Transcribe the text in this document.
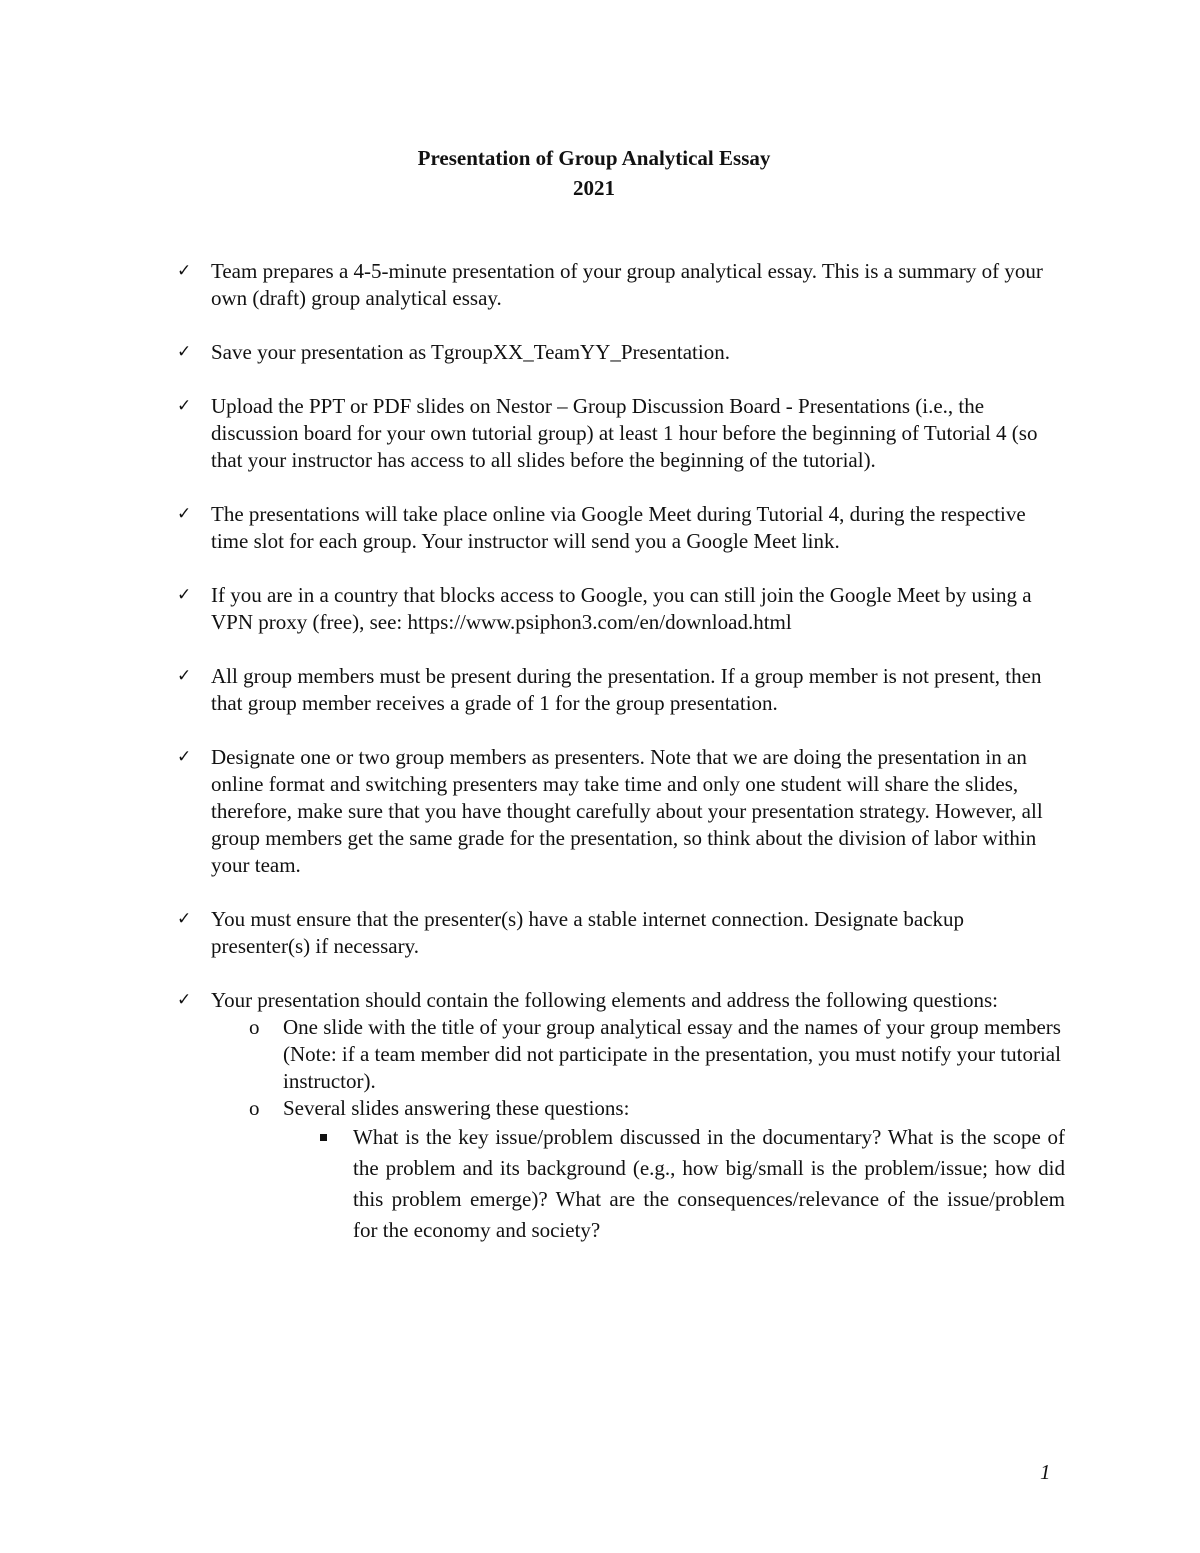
Presentation of Group Analytical Essay
2021
✓ Team prepares a 4-5-minute presentation of your group analytical essay. This is a summary of your own (draft) group analytical essay.
✓ Save your presentation as TgroupXX_TeamYY_Presentation.
✓ Upload the PPT or PDF slides on Nestor – Group Discussion Board - Presentations (i.e., the discussion board for your own tutorial group) at least 1 hour before the beginning of Tutorial 4 (so that your instructor has access to all slides before the beginning of the tutorial).
✓ The presentations will take place online via Google Meet during Tutorial 4, during the respective time slot for each group. Your instructor will send you a Google Meet link.
✓ If you are in a country that blocks access to Google, you can still join the Google Meet by using a VPN proxy (free), see: https://www.psiphon3.com/en/download.html
✓ All group members must be present during the presentation. If a group member is not present, then that group member receives a grade of 1 for the group presentation.
✓ Designate one or two group members as presenters. Note that we are doing the presentation in an online format and switching presenters may take time and only one student will share the slides, therefore, make sure that you have thought carefully about your presentation strategy. However, all group members get the same grade for the presentation, so think about the division of labor within your team.
✓ You must ensure that the presenter(s) have a stable internet connection. Designate backup presenter(s) if necessary.
✓ Your presentation should contain the following elements and address the following questions:
o One slide with the title of your group analytical essay and the names of your group members (Note: if a team member did not participate in the presentation, you must notify your tutorial instructor).
o Several slides answering these questions:
What is the key issue/problem discussed in the documentary? What is the scope of the problem and its background (e.g., how big/small is the problem/issue; how did this problem emerge)? What are the consequences/relevance of the issue/problem for the economy and society?
1
